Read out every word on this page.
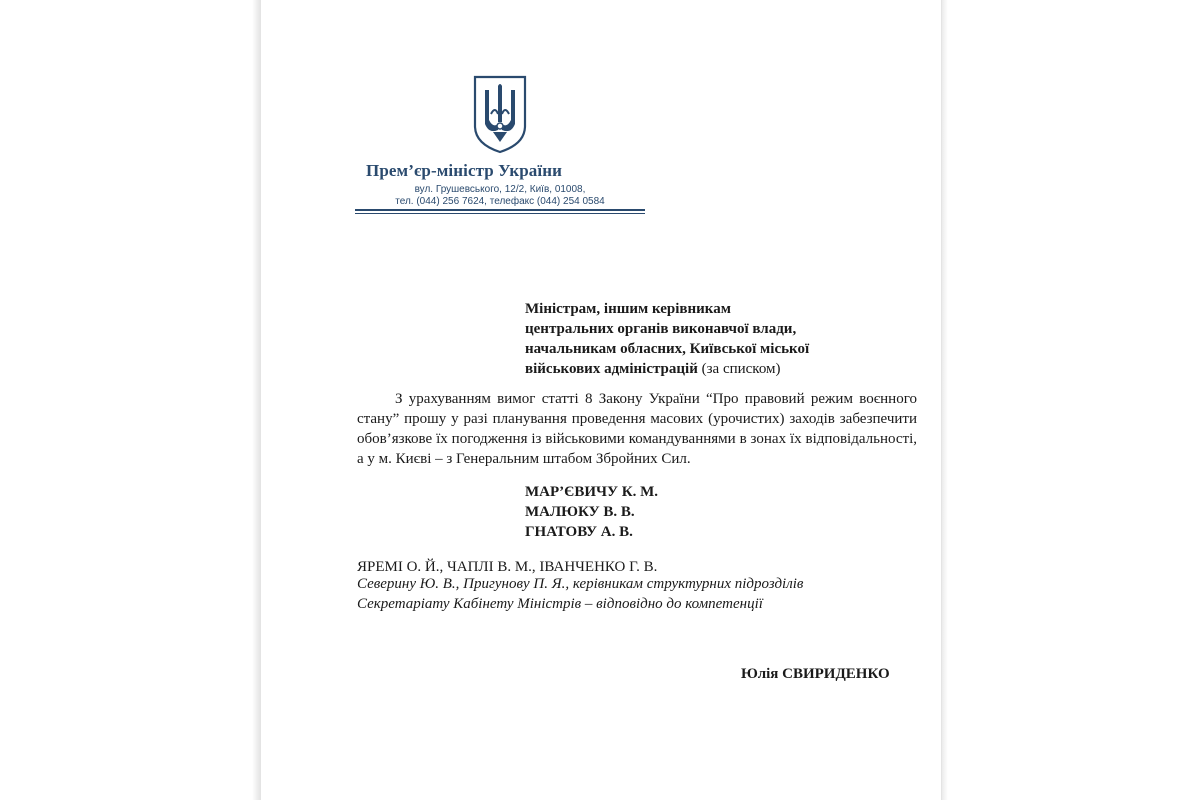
Прем’єр-міністр України
вул. Грушевського, 12/2, Київ, 01008,
тел. (044) 256 7624, телефакс (044) 254 0584
Міністрам, іншим керівникам
центральних органів виконавчої влади,
начальникам обласних, Київської міської
військових адміністрацій (за списком)
З урахуванням вимог статті 8 Закону України “Про правовий режим воєнного стану” прошу у разі планування проведення масових (урочистих) заходів забезпечити обов’язкове їх погодження із військовими командуваннями в зонах їх відповідальності, а у м. Києві – з Генеральним штабом Збройних Сил.
МАР’ЄВИЧУ К. М.
МАЛЮКУ В. В.
ГНАТОВУ А. В.
ЯРЕМІ О. Й., ЧАПЛІ В. М., ІВАНЧЕНКО Г. В.
Северину Ю. В., Пригунову П. Я., керівникам структурних підрозділів
Секретаріату Кабінету Міністрів – відповідно до компетенції
Юлія СВИРИДЕНКО
